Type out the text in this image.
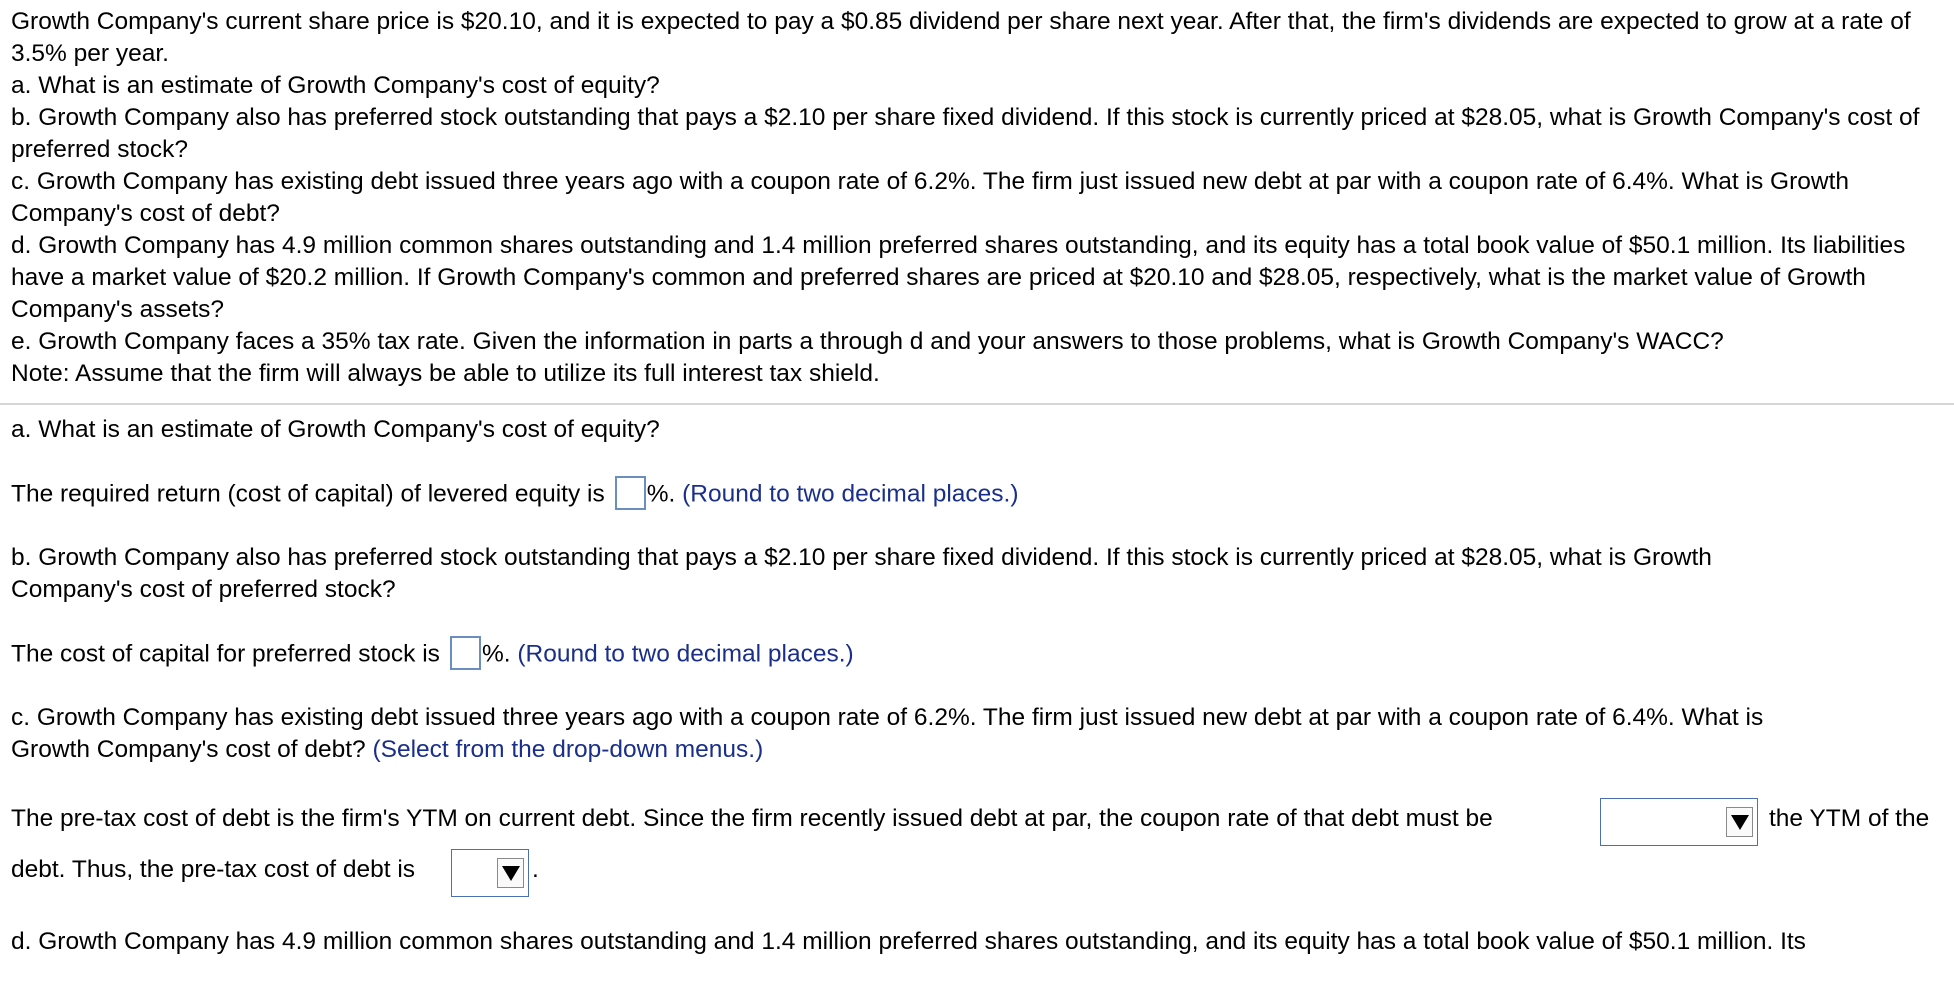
Growth Company's current share price is $20.10, and it is expected to pay a $0.85 dividend per share next year. After that, the firm's dividends are expected to grow at a rate of 3.5% per year.

a. What is an estimate of Growth Company's cost of equity?

b. Growth Company also has preferred stock outstanding that pays a $2.10 per share fixed dividend. If this stock is currently priced at $28.05, what is Growth Company's cost of preferred stock?

c. Growth Company has existing debt issued three years ago with a coupon rate of 6.2%. The firm just issued new debt at par with a coupon rate of 6.4%. What is Growth Company's cost of debt?

d. Growth Company has 4.9 million common shares outstanding and 1.4 million preferred shares outstanding, and its equity has a total book value of $50.1 million. Its liabilities have a market value of $20.2 million. If Growth Company's common and preferred shares are priced at $20.10 and $28.05, respectively, what is the market value of Growth Company's assets?

e. Growth Company faces a 35% tax rate. Given the information in parts a through d and your answers to those problems, what is Growth Company's WACC?

Note: Assume that the firm will always be able to utilize its full interest tax shield.

a. What is an estimate of Growth Company's cost of equity?
The required return (cost of capital) of levered equity is %. (Round to two decimal places.)
b. Growth Company also has preferred stock outstanding that pays a $2.10 per share fixed dividend. If this stock is currently priced at $28.05, what is Growth
Company's cost of preferred stock?
The cost of capital for preferred stock is %. (Round to two decimal places.)
c. Growth Company has existing debt issued three years ago with a coupon rate of 6.2%. The firm just issued new debt at par with a coupon rate of 6.4%. What is
Growth Company's cost of debt? (Select from the drop-down menus.)
The pre-tax cost of debt is the firm's YTM on current debt. Since the firm recently issued debt at par, the coupon rate of that debt must be	the YTM of the
debt. Thus, the pre-tax cost of debt is	.
d. Growth Company has 4.9 million common shares outstanding and 1.4 million preferred shares outstanding, and its equity has a total book value of $50.1 million. Its
